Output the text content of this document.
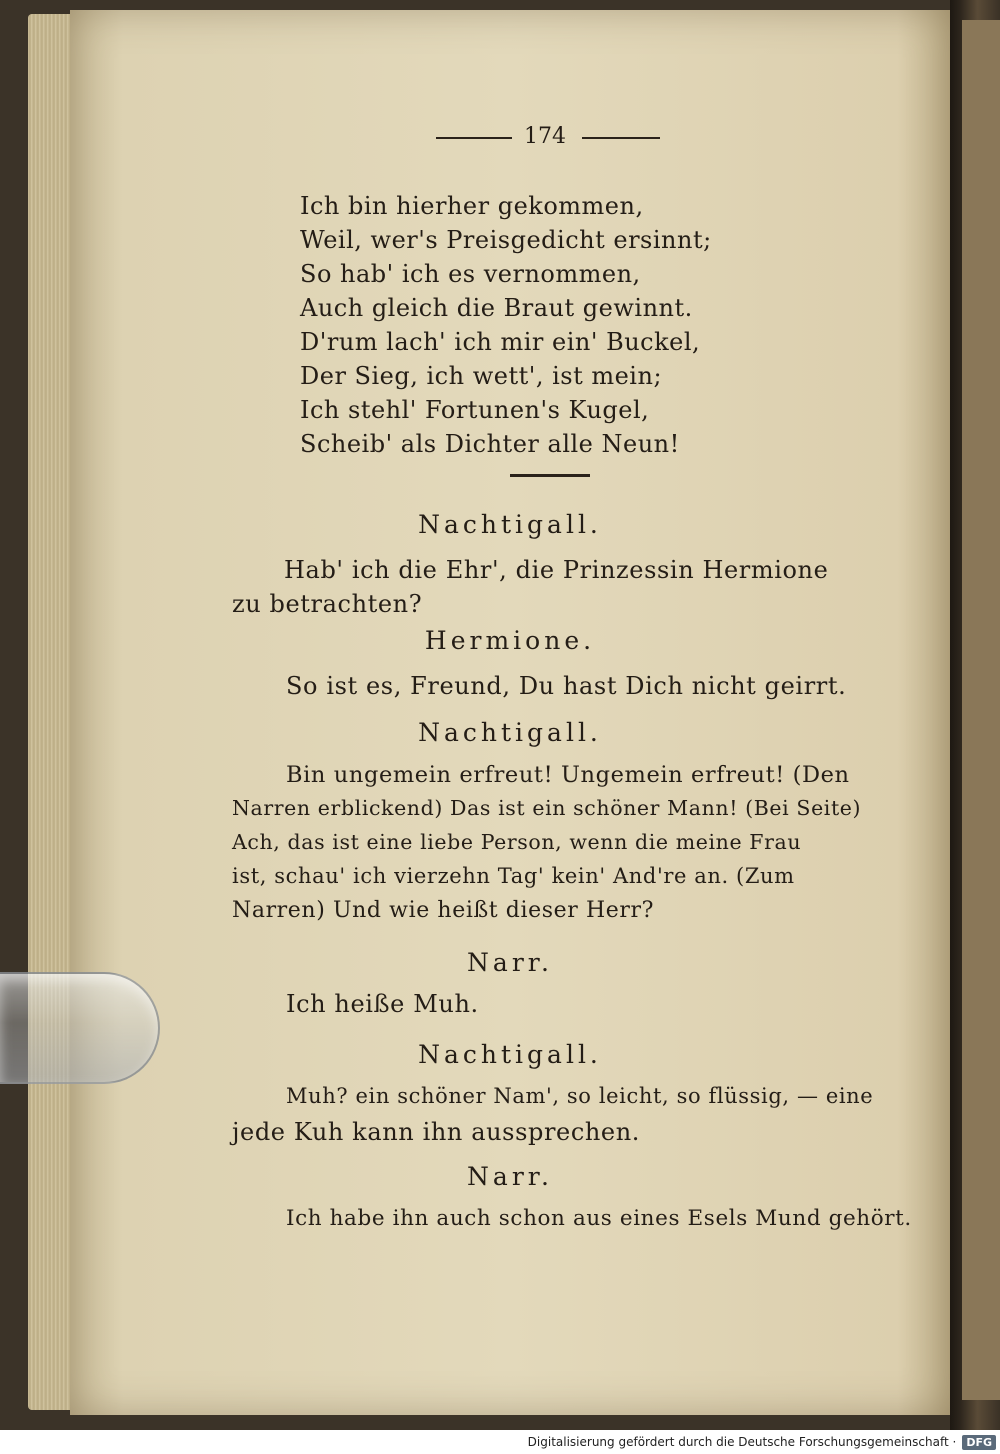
174
Ich bin hierher gekommen,
Weil, wer's Preisgedicht ersinnt;
So hab' ich es vernommen,
Auch gleich die Braut gewinnt.
D'rum lach' ich mir ein' Buckel,
Der Sieg, ich wett', ist mein;
Ich stehl' Fortunen's Kugel,
Scheib' als Dichter alle Neun!
Nachtigall.
Hab' ich die Ehr', die Prinzessin Hermione
zu betrachten?
Hermione.
So ist es, Freund, Du hast Dich nicht geirrt.
Nachtigall.
Bin ungemein erfreut! Ungemein erfreut! (Den
Narren erblickend) Das ist ein schöner Mann! (Bei Seite)
Ach, das ist eine liebe Person, wenn die meine Frau
ist, schau' ich vierzehn Tag' kein' And're an. (Zum
Narren) Und wie heißt dieser Herr?
Narr.
Ich heiße Muh.
Nachtigall.
Muh? ein schöner Nam', so leicht, so flüssig, — eine
jede Kuh kann ihn aussprechen.
Narr.
Ich habe ihn auch schon aus eines Esels Mund gehört.
Digitalisierung gefördert durch die Deutsche Forschungsgemeinschaft · DFG
